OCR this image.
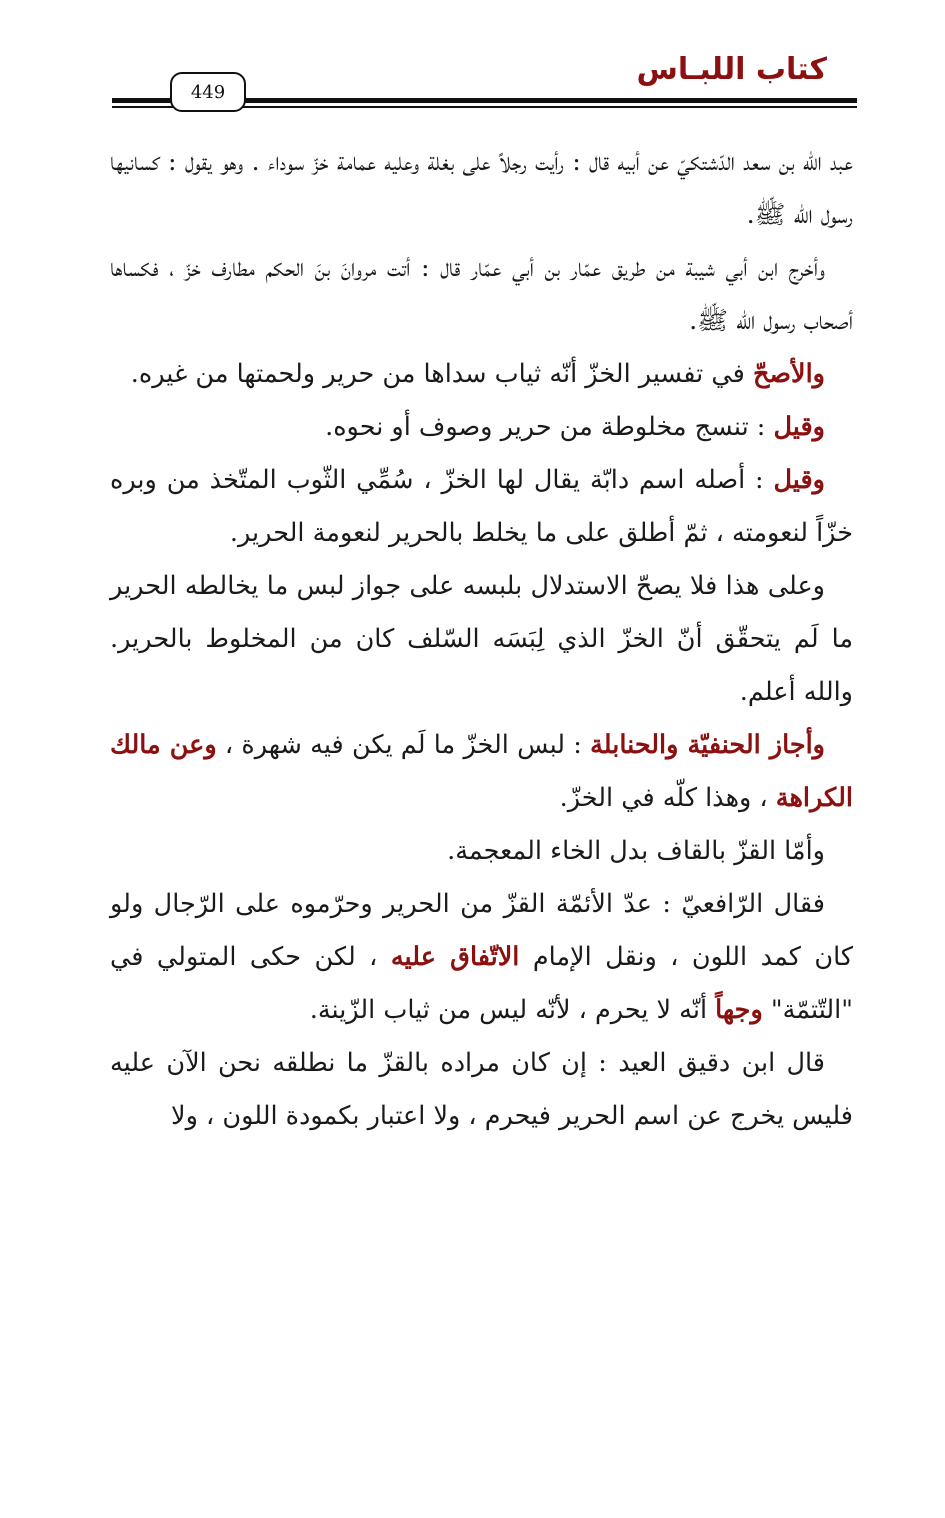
كتاب اللبـاس
449

عبد الله بن سعد الدّشتكيّ عن أبيه قال : رأيت رجلاً على بغلة وعليه عمامة خزّ سوداء . وهو يقول : كسانيها رسول الله ﷺ.

وأخرج ابن أبي شيبة من طريق عمّار بن أبي عمّار قال : أتت مروانَ بنَ الحكم مطارف خزّ ، فكساها أصحاب رسول الله ﷺ.

والأصحّ في تفسير الخزّ أنّه ثياب سداها من حرير ولحمتها من غيره.

وقيل : تنسج مخلوطة من حرير وصوف أو نحوه.

وقيل : أصله اسم دابّة يقال لها الخزّ ، سُمِّي الثّوب المتّخذ من وبره خزّاً لنعومته ، ثمّ أطلق على ما يخلط بالحرير لنعومة الحرير.

وعلى هذا فلا يصحّ الاستدلال بلبسه على جواز لبس ما يخالطه الحرير ما لَم يتحقّق أنّ الخزّ الذي لِبَسَه السّلف كان من المخلوط بالحرير. والله أعلم.

وأجاز الحنفيّة والحنابلة : لبس الخزّ ما لَم يكن فيه شهرة ، وعن مالك الكراهة ، وهذا كلّه في الخزّ.

وأمّا القزّ بالقاف بدل الخاء المعجمة.

فقال الرّافعيّ : عدّ الأئمّة القزّ من الحرير وحرّموه على الرّجال ولو كان كمد اللون ، ونقل الإمام الاتّفاق عليه ، لكن حكى المتولي في "التّتمّة" وجهاً أنّه لا يحرم ، لأنّه ليس من ثياب الزّينة.

قال ابن دقيق العيد : إن كان مراده بالقزّ ما نطلقه نحن الآن عليه فليس يخرج عن اسم الحرير فيحرم ، ولا اعتبار بكمودة اللون ، ولا
